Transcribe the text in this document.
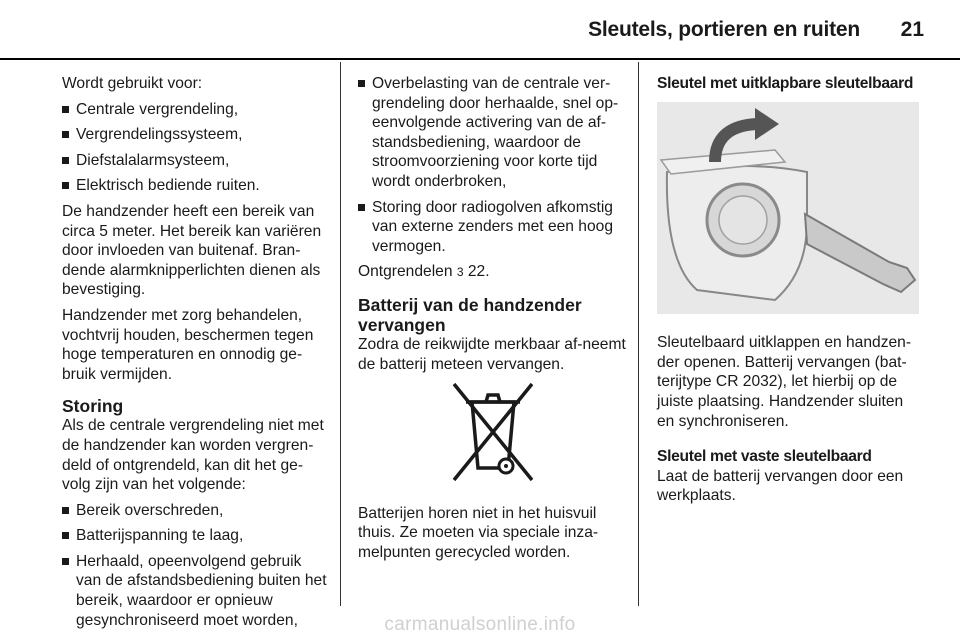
Sleutels, portieren en ruiten	21

Wordt gebruikt voor:

Centrale vergrendeling,
Vergrendelingssysteem,
Diefstalalarmsysteem,
Elektrisch bediende ruiten.

De handzender heeft een bereik van circa 5 meter. Het bereik kan variëren door invloeden van buitenaf. Bran-dende alarmknipperlichten dienen als bevestiging.

Handzender met zorg behandelen, vochtvrij houden, beschermen tegen hoge temperaturen en onnodig ge-bruik vermijden.

Storing

Als de centrale vergrendeling niet met de handzender kan worden vergren-deld of ontgrendeld, kan dit het ge-volg zijn van het volgende:

Bereik overschreden,
Batterijspanning te laag,
Herhaald, opeenvolgend gebruik van de afstandsbediening buiten het bereik, waardoor er opnieuw gesynchroniseerd moet worden,
Overbelasting van de centrale ver-grendeling door herhaalde, snel op-eenvolgende activering van de af-standsbediening, waardoor de stroomvoorziening voor korte tijd wordt onderbroken,
Storing door radiogolven afkomstig van externe zenders met een hoog vermogen.

Ontgrendelen 3 22.

Batterij van de handzender vervangen

Zodra de reikwijdte merkbaar af-neemt de batterij meteen vervangen.

Batterijen horen niet in het huisvuil thuis. Ze moeten via speciale inza-melpunten gerecycled worden.

Sleutel met uitklapbare sleutelbaard

Sleutelbaard uitklappen en handzen-der openen. Batterij vervangen (bat-terijtype CR 2032), let hierbij op de juiste plaatsing. Handzender sluiten en synchroniseren.

Sleutel met vaste sleutelbaard

Laat de batterij vervangen door een werkplaats.

carmanualsonline.info
